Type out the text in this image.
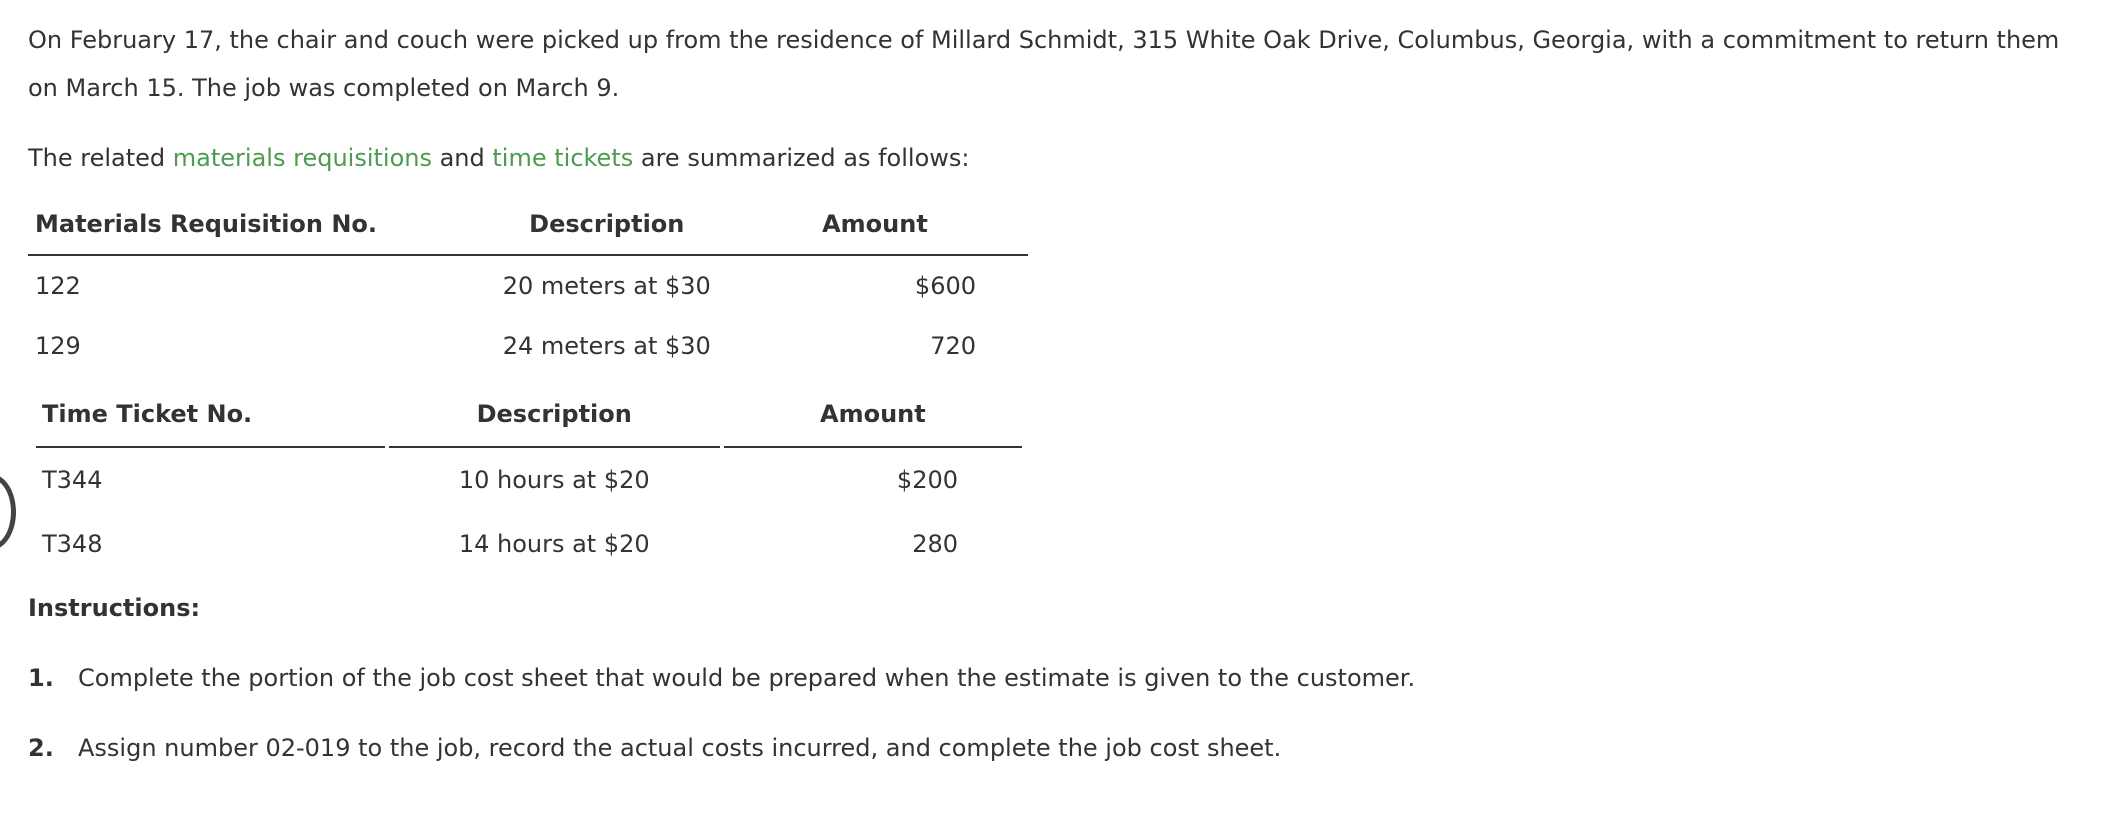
On February 17, the chair and couch were picked up from the residence of Millard Schmidt, 315 White Oak Drive, Columbus, Georgia, with a commitment to return them on March 15. The job was completed on March 9.

The related materials requisitions and time tickets are summarized as follows:

Materials Requisition No.	Description	Amount
122	20 meters at $30	$600
129	24 meters at $30	720
Time Ticket No.	Description	Amount
T344	10 hours at $20	$200
T348	14 hours at $20	280

Instructions:

1. Complete the portion of the job cost sheet that would be prepared when the estimate is given to the customer.

2. Assign number 02-019 to the job, record the actual costs incurred, and complete the job cost sheet.
